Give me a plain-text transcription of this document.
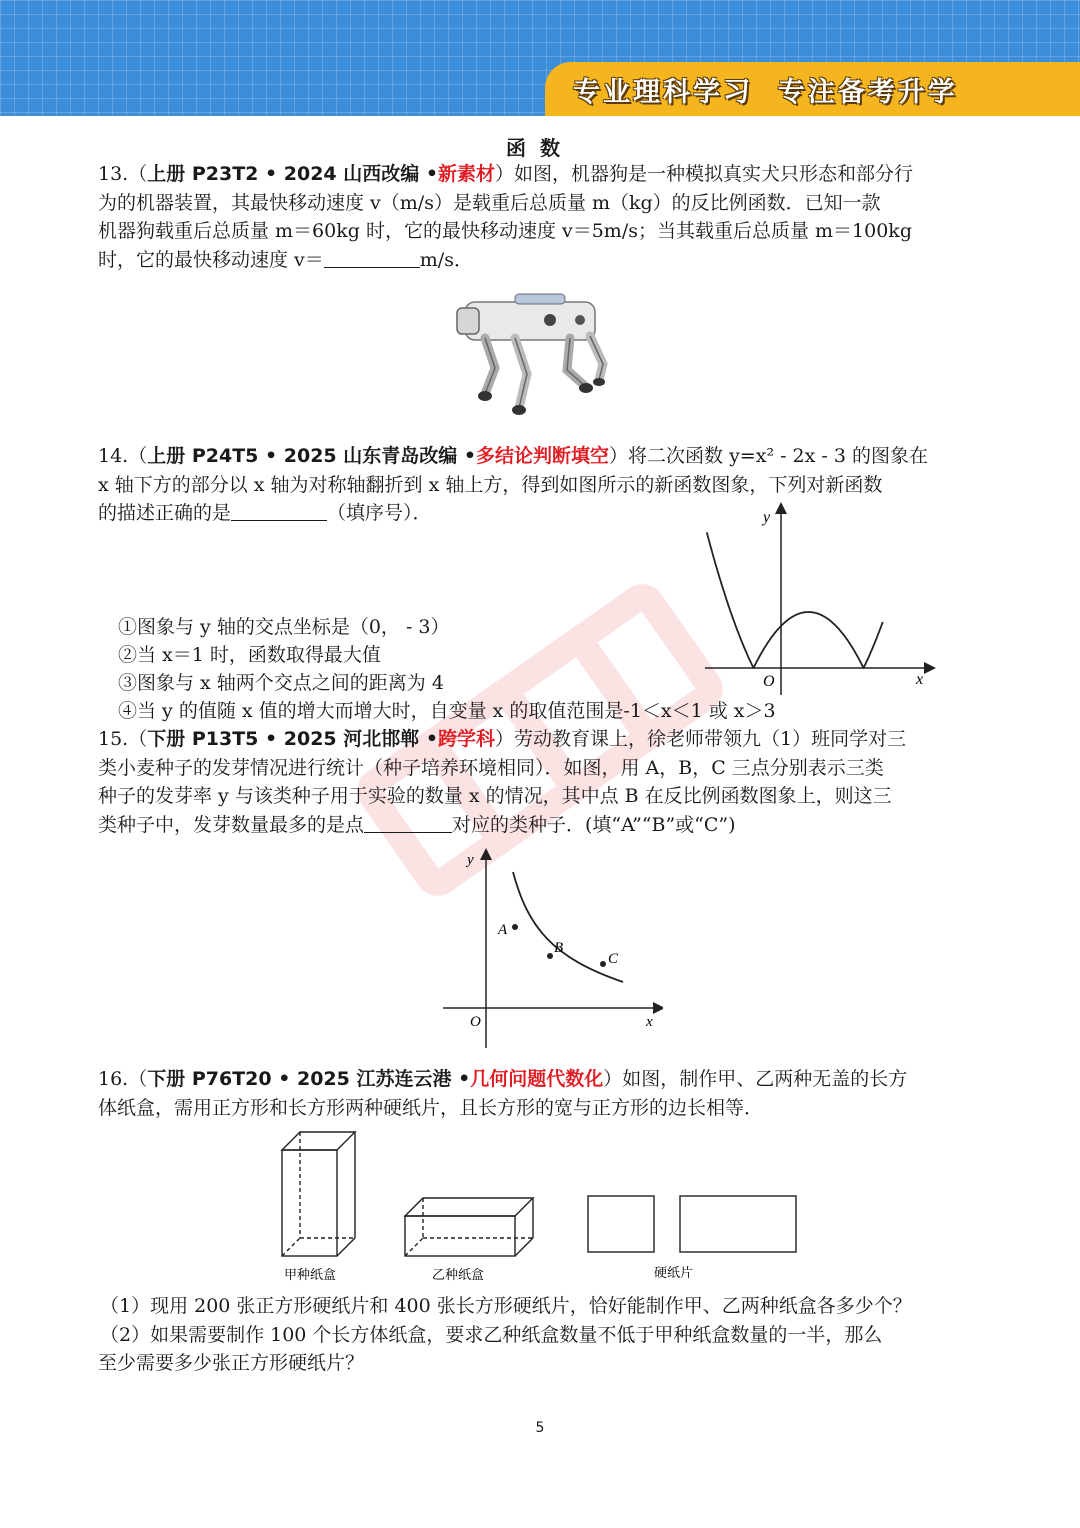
专业理科学习  专注备考升学
函数
13.（上册 P23T2 • 2024 山西改编 •新素材）如图，机器狗是一种模拟真实犬只形态和部分行
为的机器装置，其最快移动速度 v（m/s）是载重后总质量 m（kg）的反比例函数．已知一款
机器狗载重后总质量 m＝60kg 时，它的最快移动速度 v＝5m/s；当其载重后总质量 m＝100kg
时，它的最快移动速度 v＝	m/s．
14.（上册 P24T5 • 2025 山东青岛改编 •多结论判断填空）将二次函数 y=x² - 2x - 3 的图象在
x 轴下方的部分以 x 轴为对称轴翻折到 x 轴上方，得到如图所示的新函数图象，下列对新函数
的描述正确的是	（填序号）．	y
x
O
①图象与 y 轴的交点坐标是（0， - 3）
②当 x＝1 时，函数取得最大值
③图象与 x 轴两个交点之间的距离为 4
④当 y 的值随 x 值的增大而增大时，自变量 x 的取值范围是-1＜x＜1 或 x＞3
15.（下册 P13T5 • 2025 河北邯郸 •跨学科）劳动教育课上，徐老师带领九（1）班同学对三
类小麦种子的发芽情况进行统计（种子培养环境相同）．如图，用 A，B，C 三点分别表示三类
种子的发芽率 y 与该类种子用于实验的数量 x 的情况，其中点 B 在反比例函数图象上，则这三
类种子中，发芽数量最多的是点	对应的类种子．(填“A”“B”或“C”)
y
x
O
A
B
C
16.（下册 P76T20 • 2025 江苏连云港 •几何问题代数化）如图，制作甲、乙两种无盖的长方
体纸盒，需用正方形和长方形两种硬纸片，且长方形的宽与正方形的边长相等．
甲种纸盒	乙种纸盒	硬纸片
（1）现用 200 张正方形硬纸片和 400 张长方形硬纸片，恰好能制作甲、乙两种纸盒各多少个？
（2）如果需要制作 100 个长方体纸盒，要求乙种纸盒数量不低于甲种纸盒数量的一半，那么
至少需要多少张正方形硬纸片？
5
